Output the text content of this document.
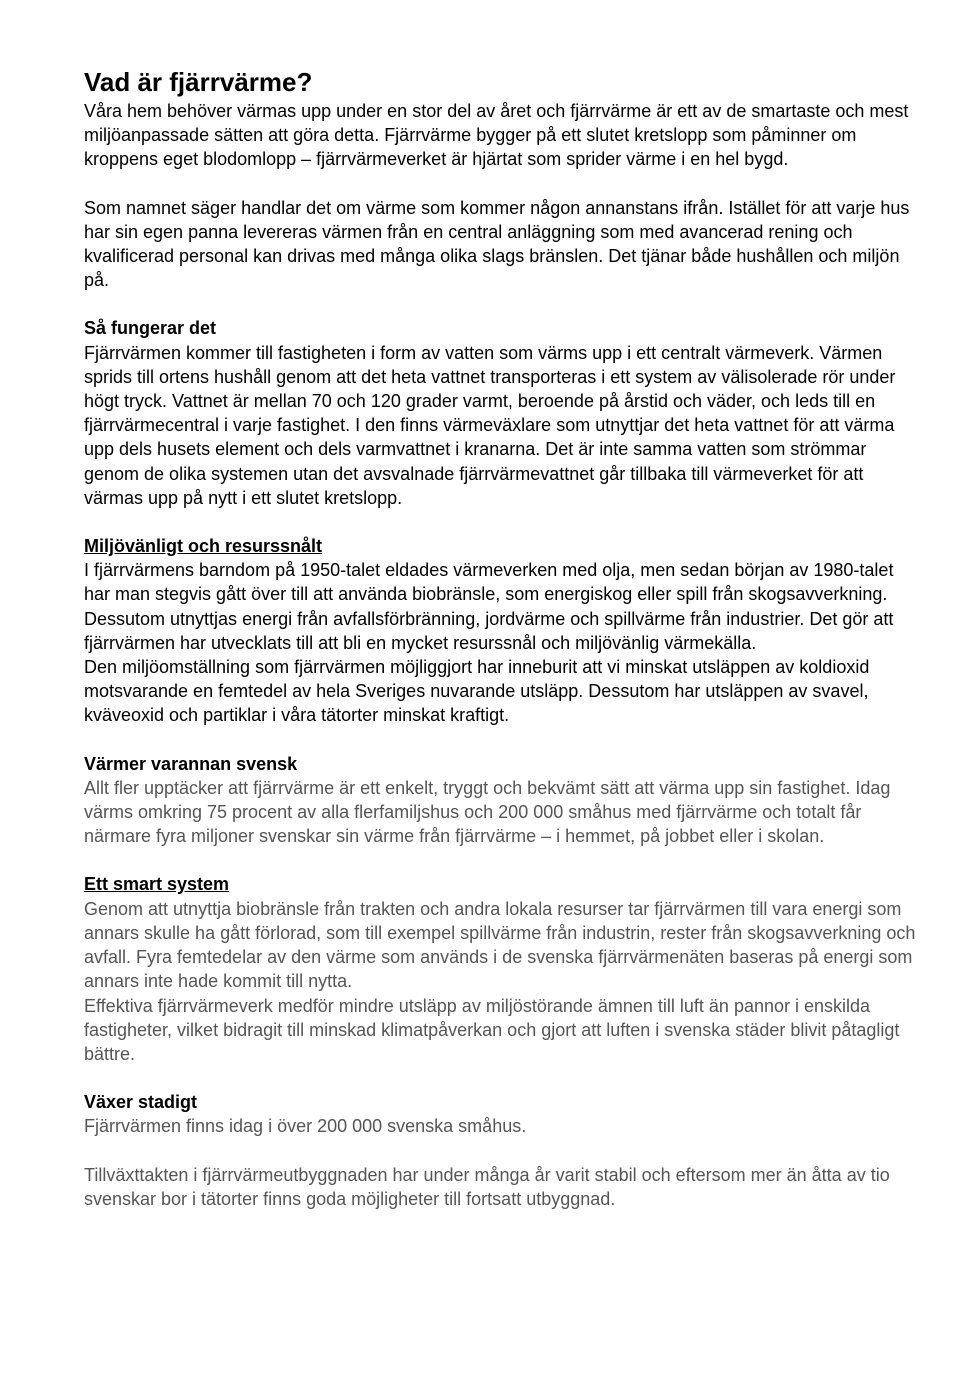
Vad är fjärrvärme?

Våra hem behöver värmas upp under en stor del av året och fjärrvärme är ett av de smartaste och mest miljöanpassade sätten att göra detta. Fjärrvärme bygger på ett slutet kretslopp som påminner om kroppens eget blodomlopp – fjärrvärmeverket är hjärtat som sprider värme i en hel bygd.

Som namnet säger handlar det om värme som kommer någon annanstans ifrån. Istället för att varje hus har sin egen panna levereras värmen från en central anläggning som med avancerad rening och kvalificerad personal kan drivas med många olika slags bränslen. Det tjänar både hushållen och miljön på.

Så fungerar det

Fjärrvärmen kommer till fastigheten i form av vatten som värms upp i ett centralt värmeverk. Värmen sprids till ortens hushåll genom att det heta vattnet transporteras i ett system av välisolerade rör under högt tryck. Vattnet är mellan 70 och 120 grader varmt, beroende på årstid och väder, och leds till en fjärrvärmecentral i varje fastighet. I den finns värmeväxlare som utnyttjar det heta vattnet för att värma upp dels husets element och dels varmvattnet i kranarna. Det är inte samma vatten som strömmar genom de olika systemen utan det avsvalnade fjärrvärmevattnet går tillbaka till värmeverket för att värmas upp på nytt i ett slutet kretslopp.

Miljövänligt och resurssnålt

I fjärrvärmens barndom på 1950-talet eldades värmeverken med olja, men sedan början av 1980-talet har man stegvis gått över till att använda biobränsle, som energiskog eller spill från skogsavverkning. Dessutom utnyttjas energi från avfallsförbränning, jordvärme och spillvärme från industrier. Det gör att fjärrvärmen har utvecklats till att bli en mycket resurssnål och miljövänlig värmekälla.

Den miljöomställning som fjärrvärmen möjliggjort har inneburit att vi minskat utsläppen av koldioxid motsvarande en femtedel av hela Sveriges nuvarande utsläpp. Dessutom har utsläppen av svavel, kväveoxid och partiklar i våra tätorter minskat kraftigt.

Värmer varannan svensk

Allt fler upptäcker att fjärrvärme är ett enkelt, tryggt och bekvämt sätt att värma upp sin fastighet. Idag värms omkring 75 procent av alla flerfamiljshus och 200 000 småhus med fjärrvärme och totalt får närmare fyra miljoner svenskar sin värme från fjärrvärme – i hemmet, på jobbet eller i skolan.

Ett smart system

Genom att utnyttja biobränsle från trakten och andra lokala resurser tar fjärrvärmen till vara energi som annars skulle ha gått förlorad, som till exempel spillvärme från industrin, rester från skogsavverkning och avfall. Fyra femtedelar av den värme som används i de svenska fjärrvärmenäten baseras på energi som annars inte hade kommit till nytta.

Effektiva fjärrvärmeverk medför mindre utsläpp av miljöstörande ämnen till luft än pannor i enskilda fastigheter, vilket bidragit till minskad klimatpåverkan och gjort att luften i svenska städer blivit påtagligt bättre.

Växer stadigt

Fjärrvärmen finns idag i över 200 000 svenska småhus.

Tillväxttakten i fjärrvärmeutbyggnaden har under många år varit stabil och eftersom mer än åtta av tio svenskar bor i tätorter finns goda möjligheter till fortsatt utbyggnad.
